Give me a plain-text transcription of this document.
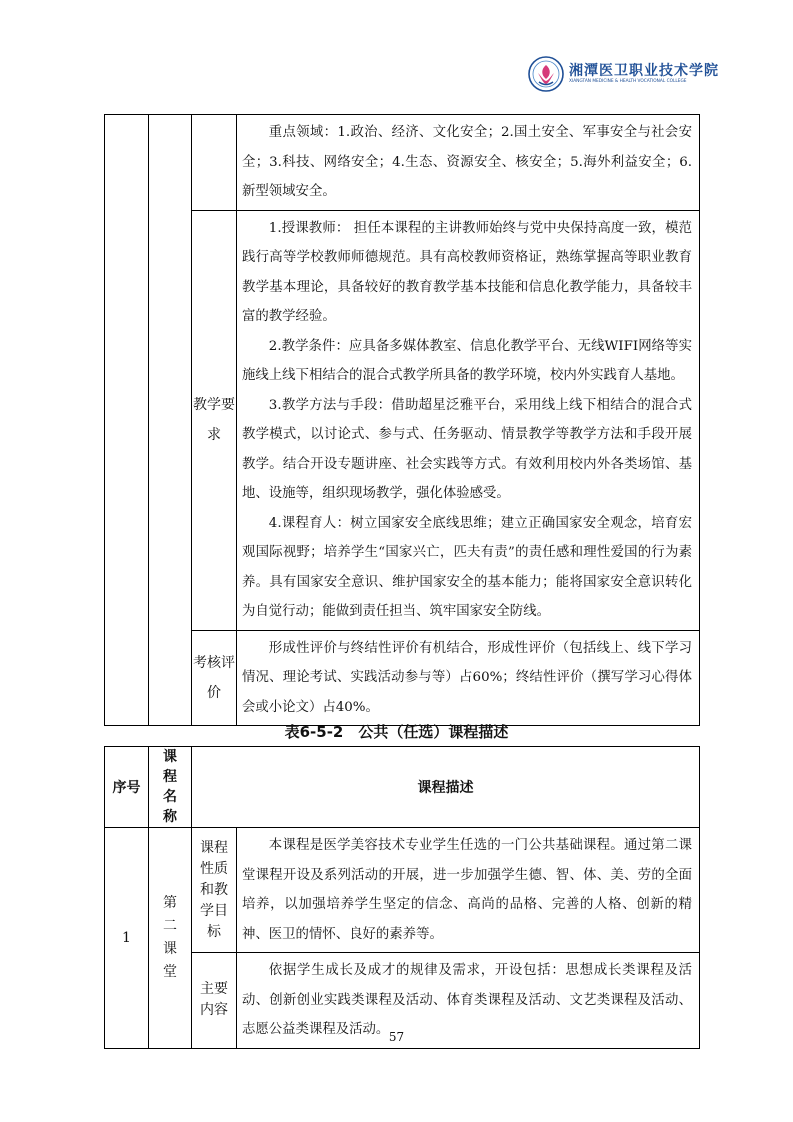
湘潭医卫职业技术学院
XIANGTAN MEDICINE & HEALTH VOCATIONAL COLLEGE

			重点领域：1.政治、经济、文化安全；2.国土安全、军事安全与社会安全；3.科技、网络安全；4.生态、资源安全、核安全；5.海外利益安全；6.新型领域安全。

		教学要求	1.授课教师： 担任本课程的主讲教师始终与党中央保持高度一致，模范践行高等学校教师师德规范。具有高校教师资格证，熟练掌握高等职业教育教学基本理论，具备较好的教育教学基本技能和信息化教学能力，具备较丰富的教学经验。

2.教学条件：应具备多媒体教室、信息化教学平台、无线WIFI网络等实施线上线下相结合的混合式教学所具备的教学环境，校内外实践育人基地。

3.教学方法与手段：借助超星泛雅平台，采用线上线下相结合的混合式教学模式，以讨论式、参与式、任务驱动、情景教学等教学方法和手段开展教学。结合开设专题讲座、社会实践等方式。有效利用校内外各类场馆、基地、设施等，组织现场教学，强化体验感受。

4.课程育人：树立国家安全底线思维；建立正确国家安全观念，培育宏观国际视野；培养学生“国家兴亡，匹夫有责”的责任感和理性爱国的行为素养。具有国家安全意识、维护国家安全的基本能力；能将国家安全意识转化为自觉行动；能做到责任担当、筑牢国家安全防线。

		考核评价	形成性评价与终结性评价有机结合，形成性评价（包括线上、线下学习情况、理论考试、实践活动参与等）占60%；终结性评价（撰写学习心得体会或小论文）占40%。

表6-5-2　公共（任选）课程描述
序号	课程名称	课程描述	
1	第二课堂	课程性质和教学目标	本课程是医学美容技术专业学生任选的一门公共基础课程。通过第二课堂课程开设及系列活动的开展，进一步加强学生德、智、体、美、劳的全面培养，以加强培养学生坚定的信念、高尚的品格、完善的人格、创新的精神、医卫的情怀、良好的素养等。

		主要内容	依据学生成长及成才的规律及需求，开设包括：思想成长类课程及活动、创新创业实践类课程及活动、体育类课程及活动、文艺类课程及活动、志愿公益类课程及活动。 57
